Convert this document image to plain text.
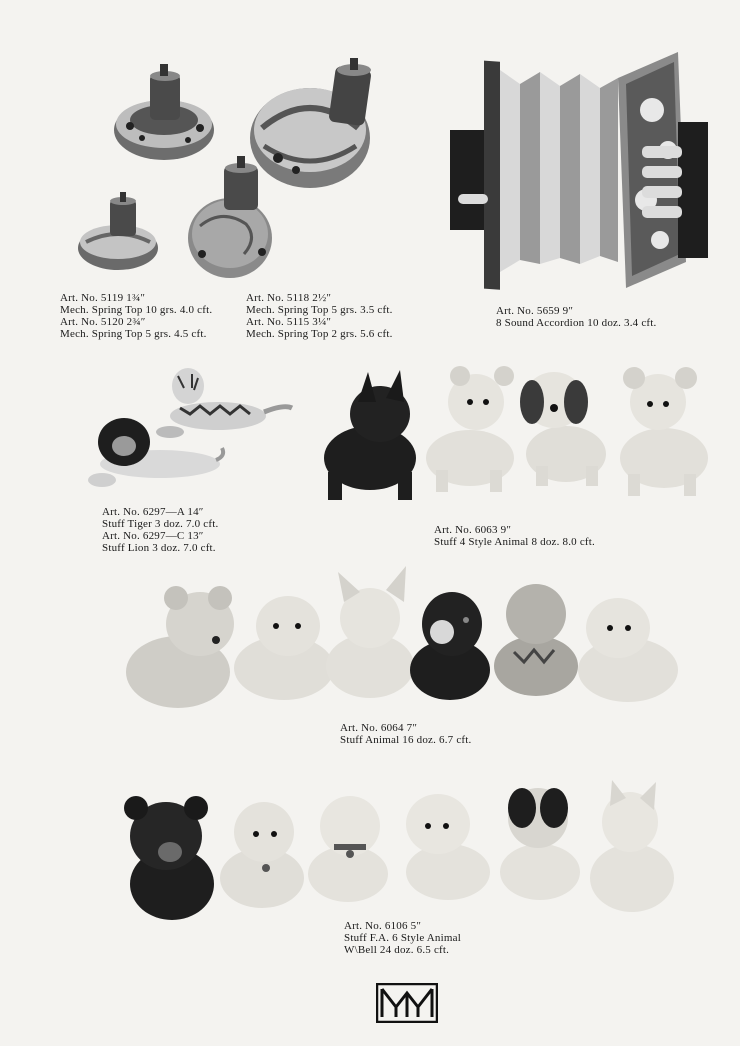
Art. No. 5119 1¾″
Mech. Spring Top 10 grs. 4.0 cft.
Art. No. 5120 2¾″
Mech. Spring Top 5 grs. 4.5 cft.
Art. No. 5118 2½″
Mech. Spring Top 5 grs. 3.5 cft.
Art. No. 5115 3¼″
Mech. Spring Top 2 grs. 5.6 cft.
Art. No. 5659 9″
8 Sound Accordion 10 doz. 3.4 cft.
Art. No. 6297—A 14″
Stuff Tiger 3 doz. 7.0 cft.
Art. No. 6297—C 13″
Stuff Lion 3 doz. 7.0 cft.
Art. No. 6063 9″
Stuff 4 Style Animal 8 doz. 8.0 cft.
Art. No. 6064 7″
Stuff Animal 16 doz. 6.7 cft.
Art. No. 6106 5″
Stuff F.A. 6 Style Animal
W\Bell 24 doz. 6.5 cft.
